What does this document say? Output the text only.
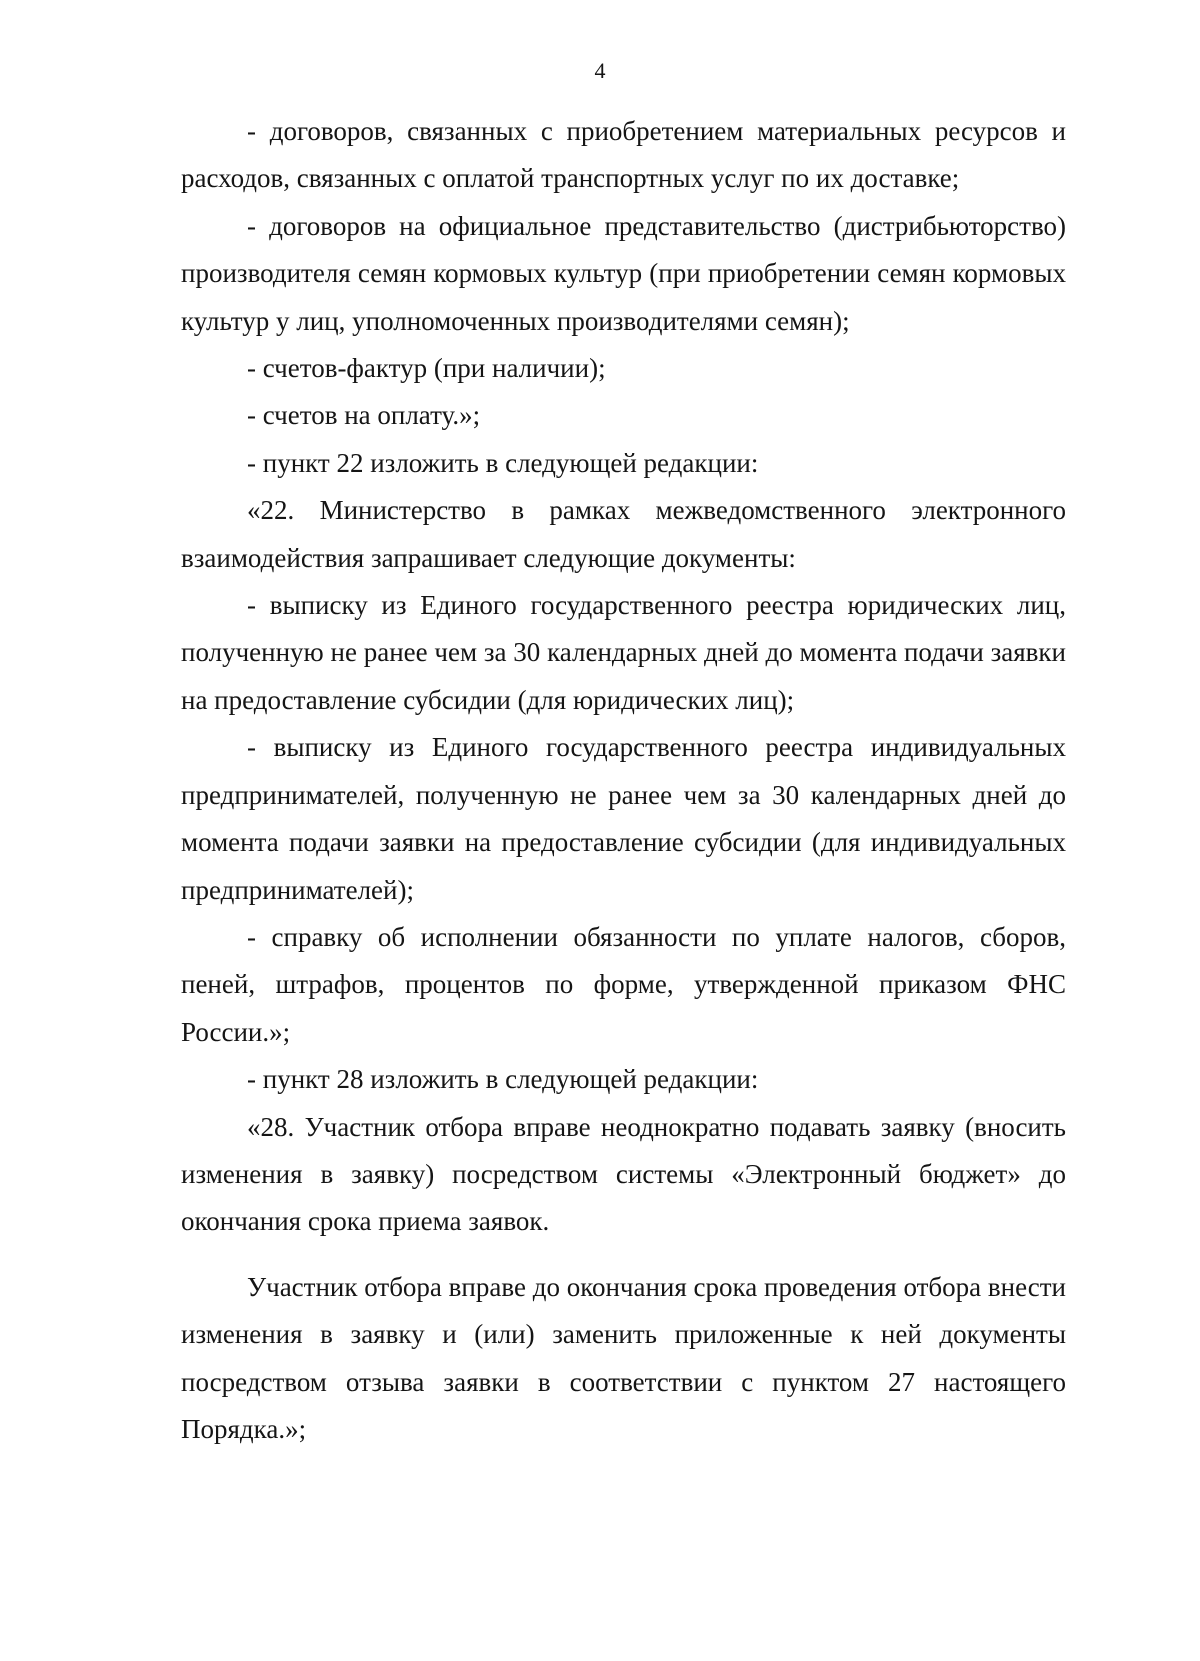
4

- договоров, связанных с приобретением материальных ресурсов и расходов, связанных с оплатой транспортных услуг по их доставке;

- договоров на официальное представительство (дистрибьюторство) производителя семян кормовых культур (при приобретении семян кормовых культур у лиц, уполномоченных производителями семян);

- счетов-фактур (при наличии);

- счетов на оплату.»;

- пункт 22 изложить в следующей редакции:

«22. Министерство в рамках межведомственного электронного взаимодействия запрашивает следующие документы:

- выписку из Единого государственного реестра юридических лиц, полученную не ранее чем за 30 календарных дней до момента подачи заявки на предоставление субсидии (для юридических лиц);

- выписку из Единого государственного реестра индивидуальных предпринимателей, полученную не ранее чем за 30 календарных дней до момента подачи заявки на предоставление субсидии (для индивидуальных предпринимателей);

- справку об исполнении обязанности по уплате налогов, сборов, пеней, штрафов, процентов по форме, утвержденной приказом ФНС России.»;

- пункт 28 изложить в следующей редакции:

«28. Участник отбора вправе неоднократно подавать заявку (вносить изменения в заявку) посредством системы «Электронный бюджет» до окончания срока приема заявок.

Участник отбора вправе до окончания срока проведения отбора внести изменения в заявку и (или) заменить приложенные к ней документы посредством отзыва заявки в соответствии с пунктом 27 настоящего Порядка.»;
